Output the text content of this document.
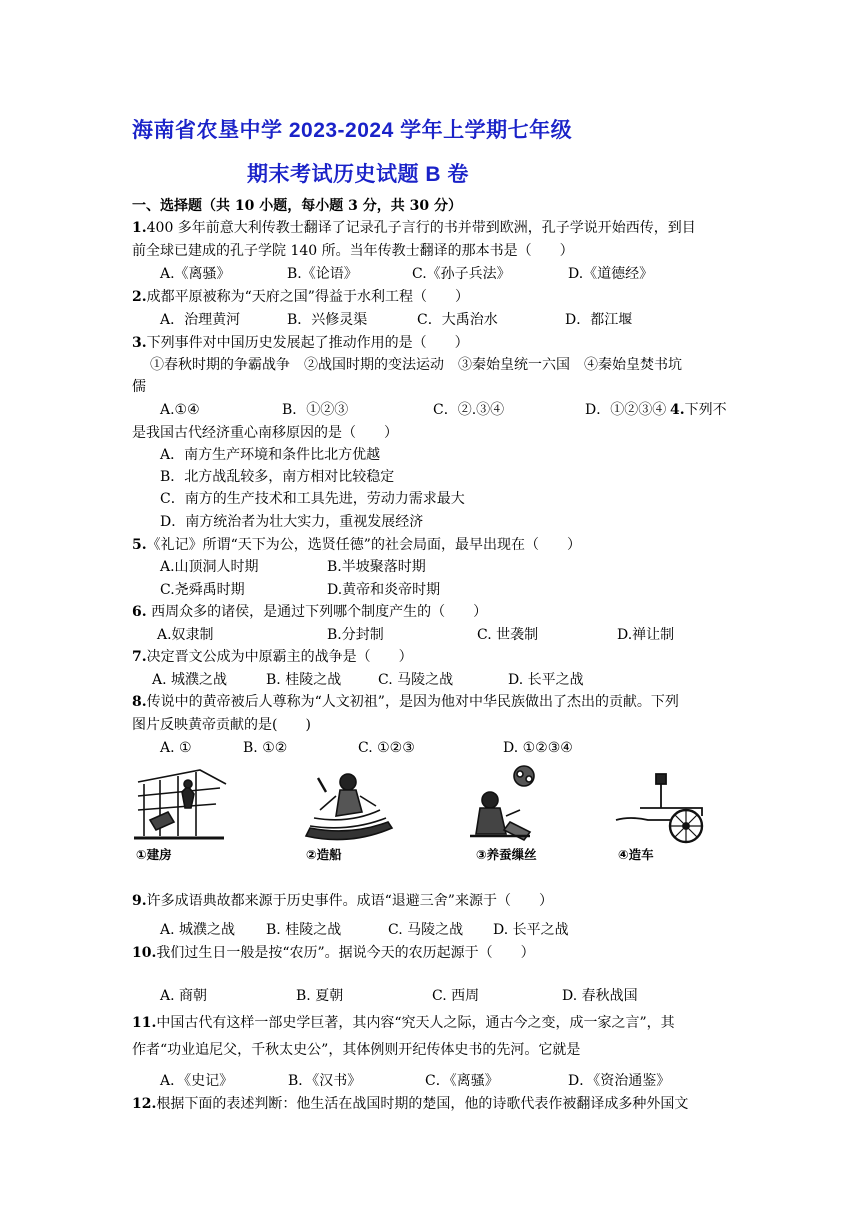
海南省农垦中学 2023-2024 学年上学期七年级
期末考试历史试题 B 卷
一、选择题（共 10 小题，每小题 3 分，共 30 分）
1.400 多年前意大利传教士翻译了记录孔子言行的书并带到欧洲，孔子学说开始西传，到目
前全球已建成的孔子学院 140 所。当年传教士翻译的那本书是（　　）
A.《离骚》	B.《论语》	C.《孙子兵法》	D.《道德经》
2.成都平原被称为“天府之国”得益于水利工程（　　）
A．治理黄河	B．兴修灵渠	C．大禹治水	D．都江堰
3.下列事件对中国历史发展起了推动作用的是（　　）
①春秋时期的争霸战争　②战国时期的变法运动　③秦始皇统一六国　④秦始皇焚书坑
儒
A.①④	B．①②③	C．②.③④	D．①②③④ 4.下列不
是我国古代经济重心南移原因的是（　　）
A．南方生产环境和条件比北方优越
B．北方战乱较多，南方相对比较稳定
C．南方的生产技术和工具先进，劳动力需求最大
D．南方统治者为壮大实力，重视发展经济
5.《礼记》所谓“天下为公，选贤任德”的社会局面，最早出现在（　　）
A.山顶洞人时期	B.半坡聚落时期
C.尧舜禹时期	D.黄帝和炎帝时期
6. 西周众多的诸侯，是通过下列哪个制度产生的（　　）
A.奴隶制	B.分封制	C. 世袭制	D.禅让制
7.决定晋文公成为中原霸主的战争是（　　）
A. 城濮之战	B. 桂陵之战	C. 马陵之战	D. 长平之战
8.传说中的黄帝被后人尊称为“人文初祖”，是因为他对中华民族做出了杰出的贡献。下列
图片反映黄帝贡献的是(　　)
A. ①	B. ①②	C. ①②③	D. ①②③④
①建房	②造船	③养蚕缫丝	④造车
9.许多成语典故都来源于历史事件。成语“退避三舍”来源于（　　）
A. 城濮之战 B. 桂陵之战	C. 马陵之战 D. 长平之战
10.我们过生日一般是按“农历”。据说今天的农历起源于（　　）
A. 商朝	B. 夏朝	C. 西周	D. 春秋战国
11.中国古代有这样一部史学巨著，其内容“究天人之际，通古今之变，成一家之言”，其
作者“功业追尼父，千秋太史公”，其体例则开纪传体史书的先河。它就是
A．《史记》	B．《汉书》	C．《离骚》	D．《资治通鉴》
12.根据下面的表述判断：他生活在战国时期的楚国，他的诗歌代表作被翻译成多种外国文
